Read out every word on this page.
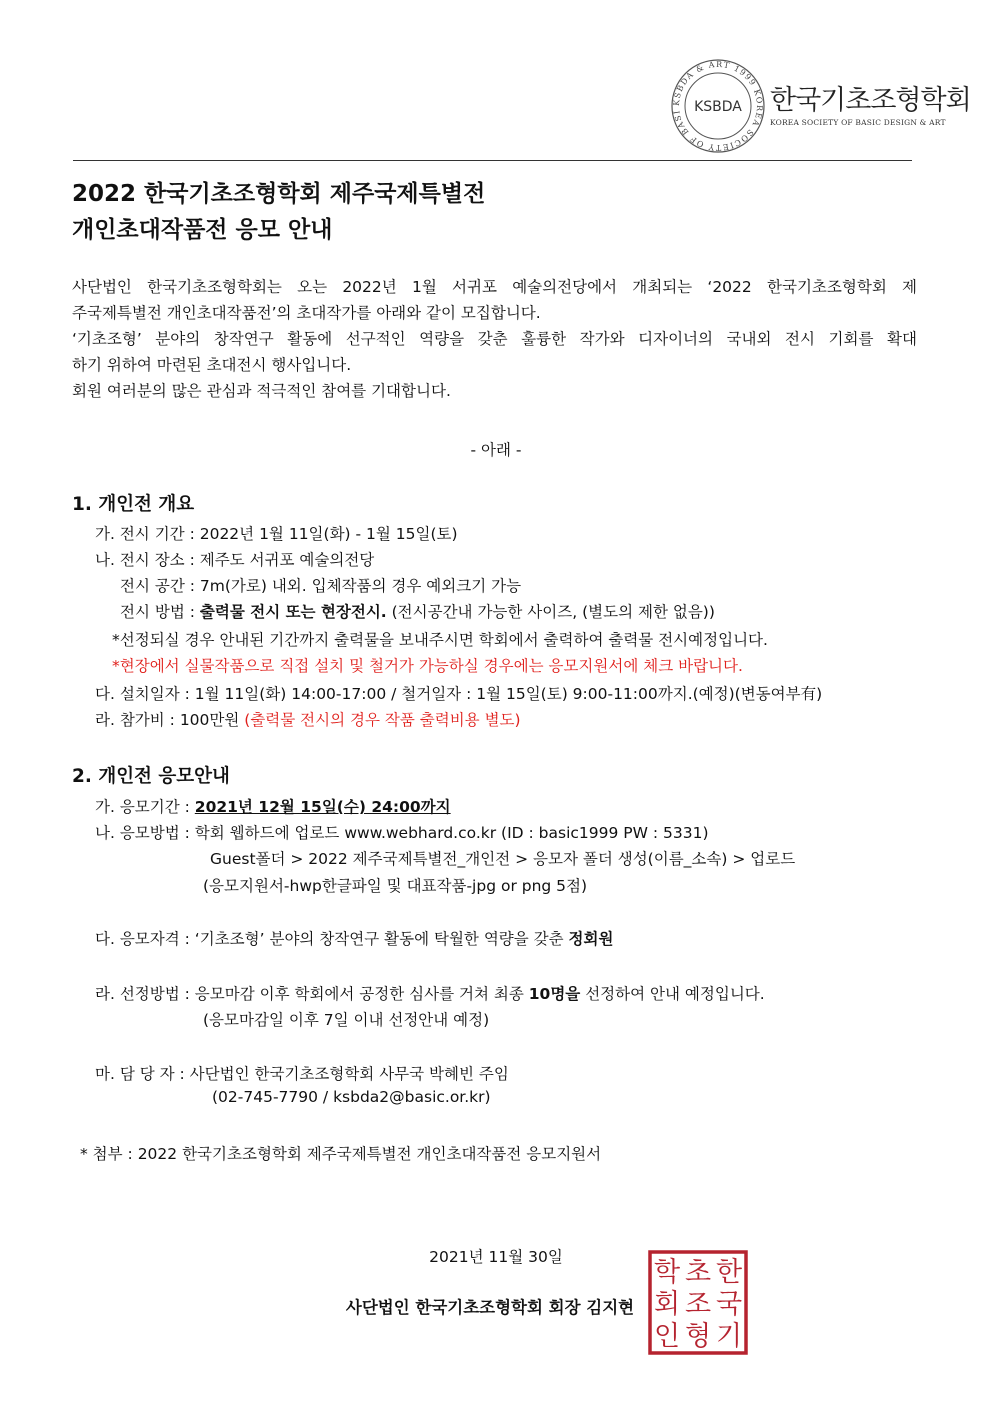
KSBDA & ART 1999 KOREA SOCIETY OF BASI KSBDA 한국기초조형학회
KOREA SOCIETY OF BASIC DESIGN & ART
2022 한국기초조형학회 제주국제특별전
개인초대작품전 응모 안내
사단법인 한국기초조형학회는 오는 2022년 1월 서귀포 예술의전당에서 개최되는 ‘2022 한국기초조형학회 제
주국제특별전 개인초대작품전’의 초대작가를 아래와 같이 모집합니다.
‘기초조형’ 분야의 창작연구 활동에 선구적인 역량을 갖춘 훌륭한 작가와 디자이너의 국내외 전시 기회를 확대
하기 위하여 마련된 초대전시 행사입니다.
회원 여러분의 많은 관심과 적극적인 참여를 기대합니다.
- 아래 -
1. 개인전 개요
가. 전시 기간 : 2022년 1월 11일(화) - 1월 15일(토)
나. 전시 장소 : 제주도 서귀포 예술의전당
전시 공간 : 7m(가로) 내외. 입체작품의 경우 예외크기 가능
전시 방법 : 출력물 전시 또는 현장전시. (전시공간내 가능한 사이즈, (별도의 제한 없음))
*선정되실 경우 안내된 기간까지 출력물을 보내주시면 학회에서 출력하여 출력물 전시예정입니다.
*현장에서 실물작품으로 직접 설치 및 철거가 가능하실 경우에는 응모지원서에 체크 바랍니다.
다. 설치일자 : 1월 11일(화) 14:00-17:00 / 철거일자 : 1월 15일(토) 9:00-11:00까지.(예정)(변동여부有)
라. 참가비 : 100만원 (출력물 전시의 경우 작품 출력비용 별도)
2. 개인전 응모안내
가. 응모기간 : 2021년 12월 15일(수) 24:00까지
나. 응모방법 : 학회 웹하드에 업로드 www.webhard.co.kr (ID : basic1999 PW : 5331)
Guest폴더 > 2022 제주국제특별전_개인전 > 응모자 폴더 생성(이름_소속) > 업로드
(응모지원서-hwp한글파일 및 대표작품-jpg or png 5점)
다. 응모자격 : ‘기초조형’ 분야의 창작연구 활동에 탁월한 역량을 갖춘 정회원
라. 선정방법 : 응모마감 이후 학회에서 공정한 심사를 거쳐 최종 10명을 선정하여 안내 예정입니다.
(응모마감일 이후 7일 이내 선정안내 예정)
마. 담 당 자 : 사단법인 한국기초조형학회 사무국 박혜빈 주임
(02-745-7790 / ksbda2@basic.or.kr)
* 첨부 : 2022 한국기초조형학회 제주국제특별전 개인초대작품전 응모지원서
2021년 11월 30일
사단법인 한국기초조형학회 회장 김지현
한
국
기
초
조
형
학
회
인
